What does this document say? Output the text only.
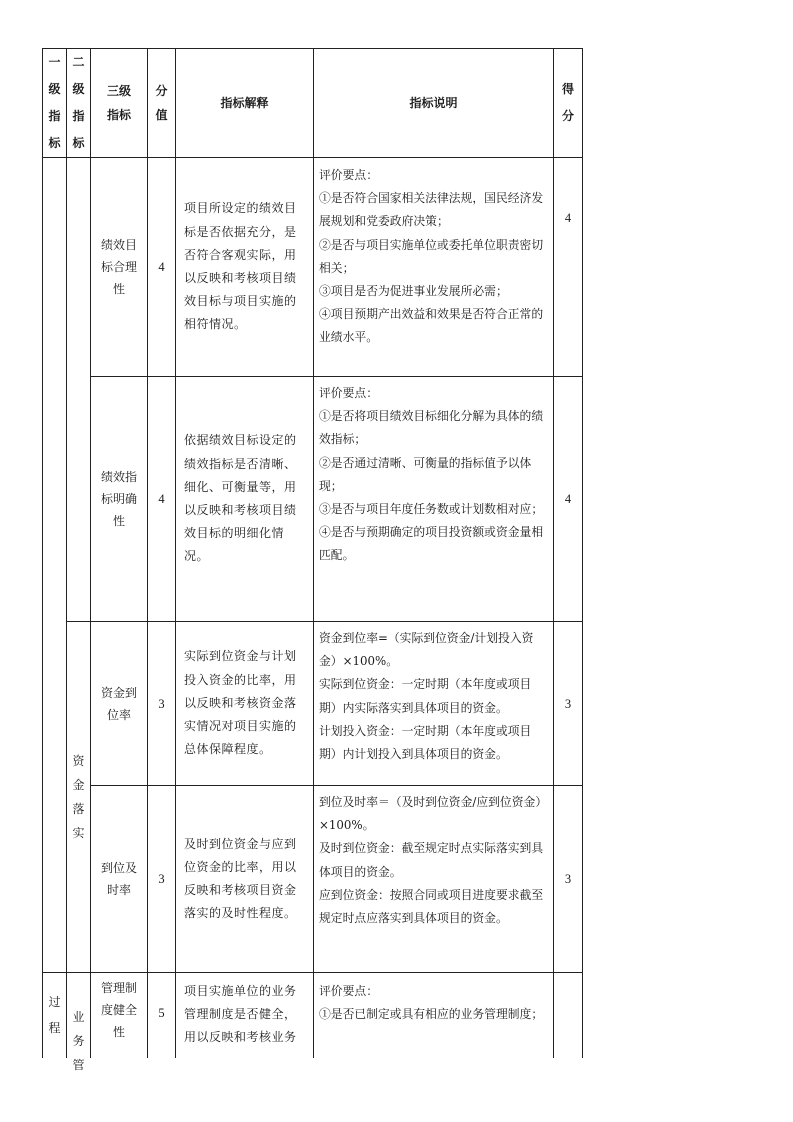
一级指标
二级指标
三级指标
分值
指标解释	指标说明
得分
资金落实
过程
业务管
绩效目标合理性
4
项目所设定的绩效目标是否依据充分，是否符合客观实际，用以反映和考核项目绩效目标与项目实施的相符情况。
评价要点：
①是否符合国家相关法律法规，国民经济发展规划和党委政府决策；
②是否与项目实施单位或委托单位职责密切相关；
③项目是否为促进事业发展所必需；
④项目预期产出效益和效果是否符合正常的业绩水平。
4
绩效指标明确性
4
依据绩效目标设定的绩效指标是否清晰、细化、可衡量等，用以反映和考核项目绩效目标的明细化情况。
评价要点：
①是否将项目绩效目标细化分解为具体的绩效指标；
②是否通过清晰、可衡量的指标值予以体现；
③是否与项目年度任务数或计划数相对应；
④是否与预期确定的项目投资额或资金量相匹配。
4
资金到位率
3
实际到位资金与计划投入资金的比率，用以反映和考核资金落实情况对项目实施的总体保障程度。
资金到位率=（实际到位资金/计划投入资金）×100%。
实际到位资金：一定时期（本年度或项目期）内实际落实到具体项目的资金。
计划投入资金：一定时期（本年度或项目期）内计划投入到具体项目的资金。
3
到位及时率
3
及时到位资金与应到位资金的比率，用以反映和考核项目资金落实的及时性程度。
到位及时率＝（及时到位资金/应到位资金）×100%。
及时到位资金：截至规定时点实际落实到具体项目的资金。
应到位资金：按照合同或项目进度要求截至规定时点应落实到具体项目的资金。
3
管理制度健全性
5
项目实施单位的业务管理制度是否健全，用以反映和考核业务
评价要点：
①是否已制定或具有相应的业务管理制度；
